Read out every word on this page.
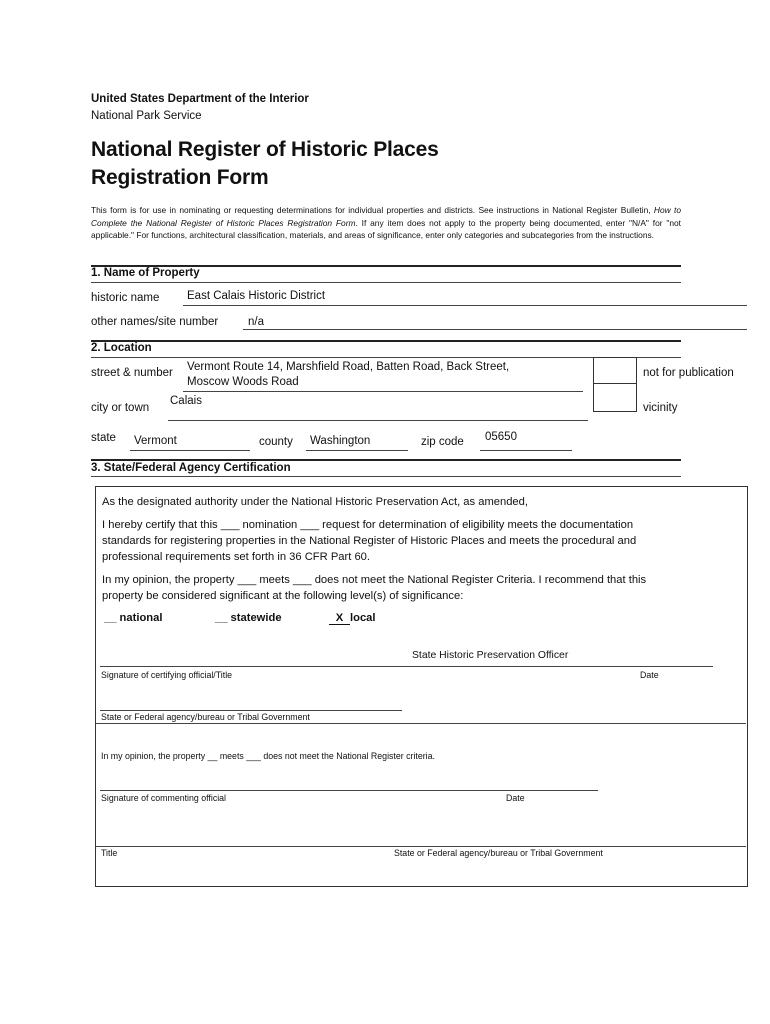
United States Department of the Interior
National Park Service
National Register of Historic Places
Registration Form
This form is for use in nominating or requesting determinations for individual properties and districts. See instructions in National Register Bulletin, How to Complete the National Register of Historic Places Registration Form. If any item does not apply to the property being documented, enter "N/A" for "not applicable." For functions, architectural classification, materials, and areas of significance, enter only categories and subcategories from the instructions.
1. Name of Property
historic name East Calais Historic District
other names/site number	n/a
2. Location
street & number Vermont Route 14, Marshfield Road, Batten Road, Back Street,
Moscow Woods Road
not for publication
city or town
Calais
vicinity
state Vermont	county Washington	zip code 05650
3. State/Federal Agency Certification
As the designated authority under the National Historic Preservation Act, as amended,
I hereby certify that this ___ nomination ___ request for determination of eligibility meets the documentation
standards for registering properties in the National Register of Historic Places and meets the procedural and
professional requirements set forth in 36 CFR Part 60.
In my opinion, the property ___ meets ___ does not meet the National Register Criteria. I recommend that this
property be considered significant at the following level(s) of significance:
__ national	__ statewide	X local
State Historic Preservation Officer
Signature of certifying official/Title	Date
State or Federal agency/bureau or Tribal Government
In my opinion, the property __ meets ___ does not meet the National Register criteria.
Signature of commenting official	Date
Title	State or Federal agency/bureau or Tribal Government
